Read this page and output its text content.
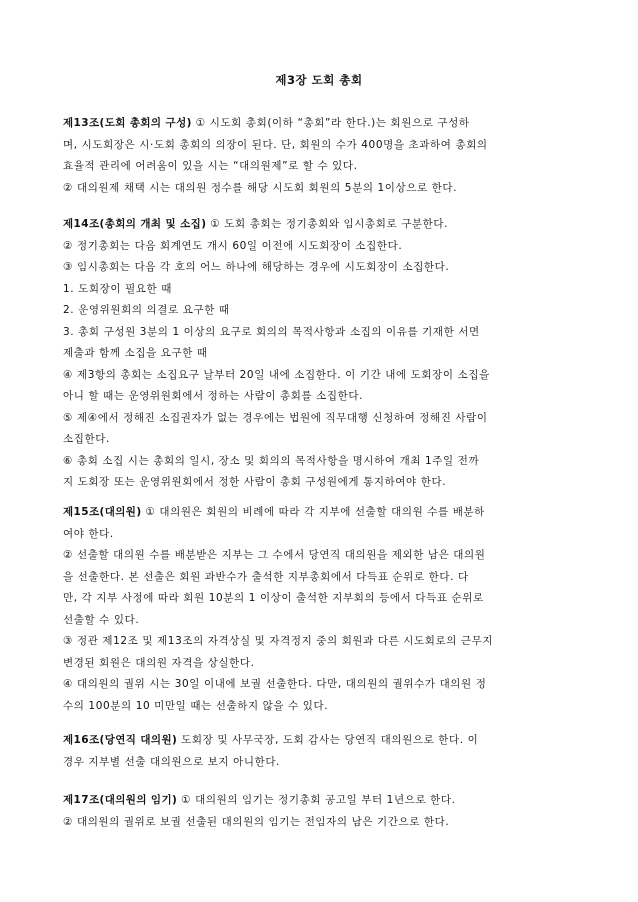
제3장 도회 총회
제13조(도회 총회의 구성) ① 시도회 총회(이하 “총회”라 한다.)는 회원으로 구성하
며, 시도회장은 시·도회 총회의 의장이 된다. 단, 회원의 수가 400명을 초과하여 총회의
효율적 관리에 어려움이 있을 시는 “대의원제”로 할 수 있다.
② 대의원제 채택 시는 대의원 정수를 해당 시도회 회원의 5분의 1이상으로 한다.
제14조(총회의 개최 및 소집) ① 도회 총회는 정기총회와 임시총회로 구분한다.
② 정기총회는 다음 회계연도 개시 60일 이전에 시도회장이 소집한다.
③ 임시총회는 다음 각 호의 어느 하나에 해당하는 경우에 시도회장이 소집한다.
1. 도회장이 필요한 때
2. 운영위원회의 의결로 요구한 때
3. 총회 구성원 3분의 1 이상의 요구로 회의의 목적사항과 소집의 이유를 기재한 서면
제출과 함께 소집을 요구한 때
④ 제3항의 총회는 소집요구 날부터 20일 내에 소집한다. 이 기간 내에 도회장이 소집을
아니 할 때는 운영위원회에서 정하는 사람이 총회를 소집한다.
⑤ 제④에서 정해진 소집권자가 없는 경우에는 법원에 직무대행 신청하여 정해진 사람이
소집한다.
⑥ 총회 소집 시는 총회의 일시, 장소 및 회의의 목적사항을 명시하여 개최 1주일 전까
지 도회장 또는 운영위원회에서 정한 사람이 총회 구성원에게 통지하여야 한다.
제15조(대의원) ① 대의원은 회원의 비례에 따라 각 지부에 선출할 대의원 수를 배분하
여야 한다.
② 선출할 대의원 수를 배분받은 지부는 그 수에서 당연직 대의원을 제외한 남은 대의원
을 선출한다. 본 선출은 회원 과반수가 출석한 지부총회에서 다득표 순위로 한다. 다
만, 각 지부 사정에 따라 회원 10분의 1 이상이 출석한 지부회의 등에서 다득표 순위로
선출할 수 있다.
③ 정관 제12조 및 제13조의 자격상실 및 자격정지 중의 회원과 다른 시도회로의 근무지
변경된 회원은 대의원 자격을 상실한다.
④ 대의원의 궐위 시는 30일 이내에 보궐 선출한다. 다만, 대의원의 궐위수가 대의원 정
수의 100분의 10 미만일 때는 선출하지 않을 수 있다.
제16조(당연직 대의원) 도회장 및 사무국장, 도회 감사는 당연직 대의원으로 한다. 이
경우 지부별 선출 대의원으로 보지 아니한다.
제17조(대의원의 임기) ① 대의원의 임기는 정기총회 공고일 부터 1년으로 한다.
② 대의원의 궐위로 보궐 선출된 대의원의 임기는 전임자의 남은 기간으로 한다.
